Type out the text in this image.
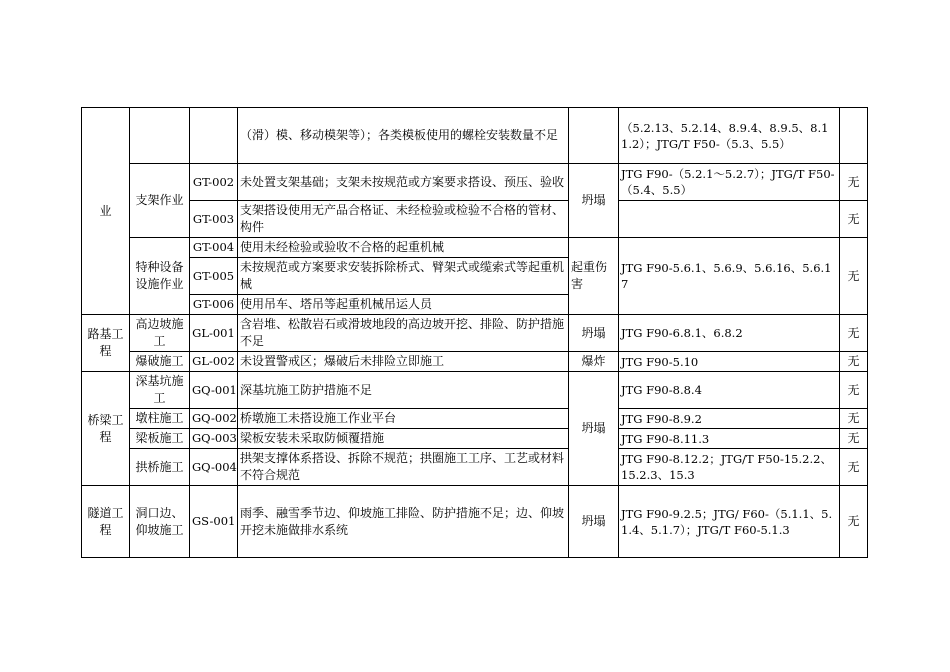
业			（滑）模、移动模架等）；各类模板使用的螺栓安装数量不足		（5.2.13、5.2.14、8.9.4、8.9.5、8.11.2）；JTG/T F50-（5.3、5.5）	
	支架作业	GT-002	未处置支架基础；支架未按规范或方案要求搭设、预压、验收	坍塌	JTG F90-（5.2.1～5.2.7）；JTG/T F50-（5.4、5.5）	无
		GT-003	支架搭设使用无产品合格证、未经检验或检验不合格的管材、构件			无
	特种设备设施作业	GT-004	使用未经检验或验收不合格的起重机械	起重伤害	JTG F90-5.6.1、5.6.9、5.6.16、5.6.17	无
		GT-005	未按规范或方案要求安装拆除桥式、臂架式或缆索式等起重机械			
		GT-006	使用吊车、塔吊等起重机械吊运人员			
路基工程	高边坡施工	GL-001	含岩堆、松散岩石或滑坡地段的高边坡开挖、排险、防护措施不足	坍塌	JTG F90-6.8.1、6.8.2	无
	爆破施工	GL-002	未设置警戒区；爆破后未排险立即施工	爆炸	JTG F90-5.10	无
桥梁工程	深基坑施工	GQ-001	深基坑施工防护措施不足	坍塌	JTG F90-8.8.4	无
	墩柱施工	GQ-002	桥墩施工未搭设施工作业平台		JTG F90-8.9.2	无
	梁板施工	GQ-003	梁板安装未采取防倾覆措施		JTG F90-8.11.3	无
	拱桥施工	GQ-004	拱架支撑体系搭设、拆除不规范；拱圈施工工序、工艺或材料不符合规范		JTG F90-8.12.2；JTG/T F50-15.2.2、15.2.3、15.3	无
隧道工程	洞口边、仰坡施工	GS-001	雨季、融雪季节边、仰坡施工排险、防护措施不足；边、仰坡开挖未施做排水系统	坍塌	JTG F90-9.2.5；JTG/ F60-（5.1.1、5.1.4、5.1.7）；JTG/T F60-5.1.3	无
